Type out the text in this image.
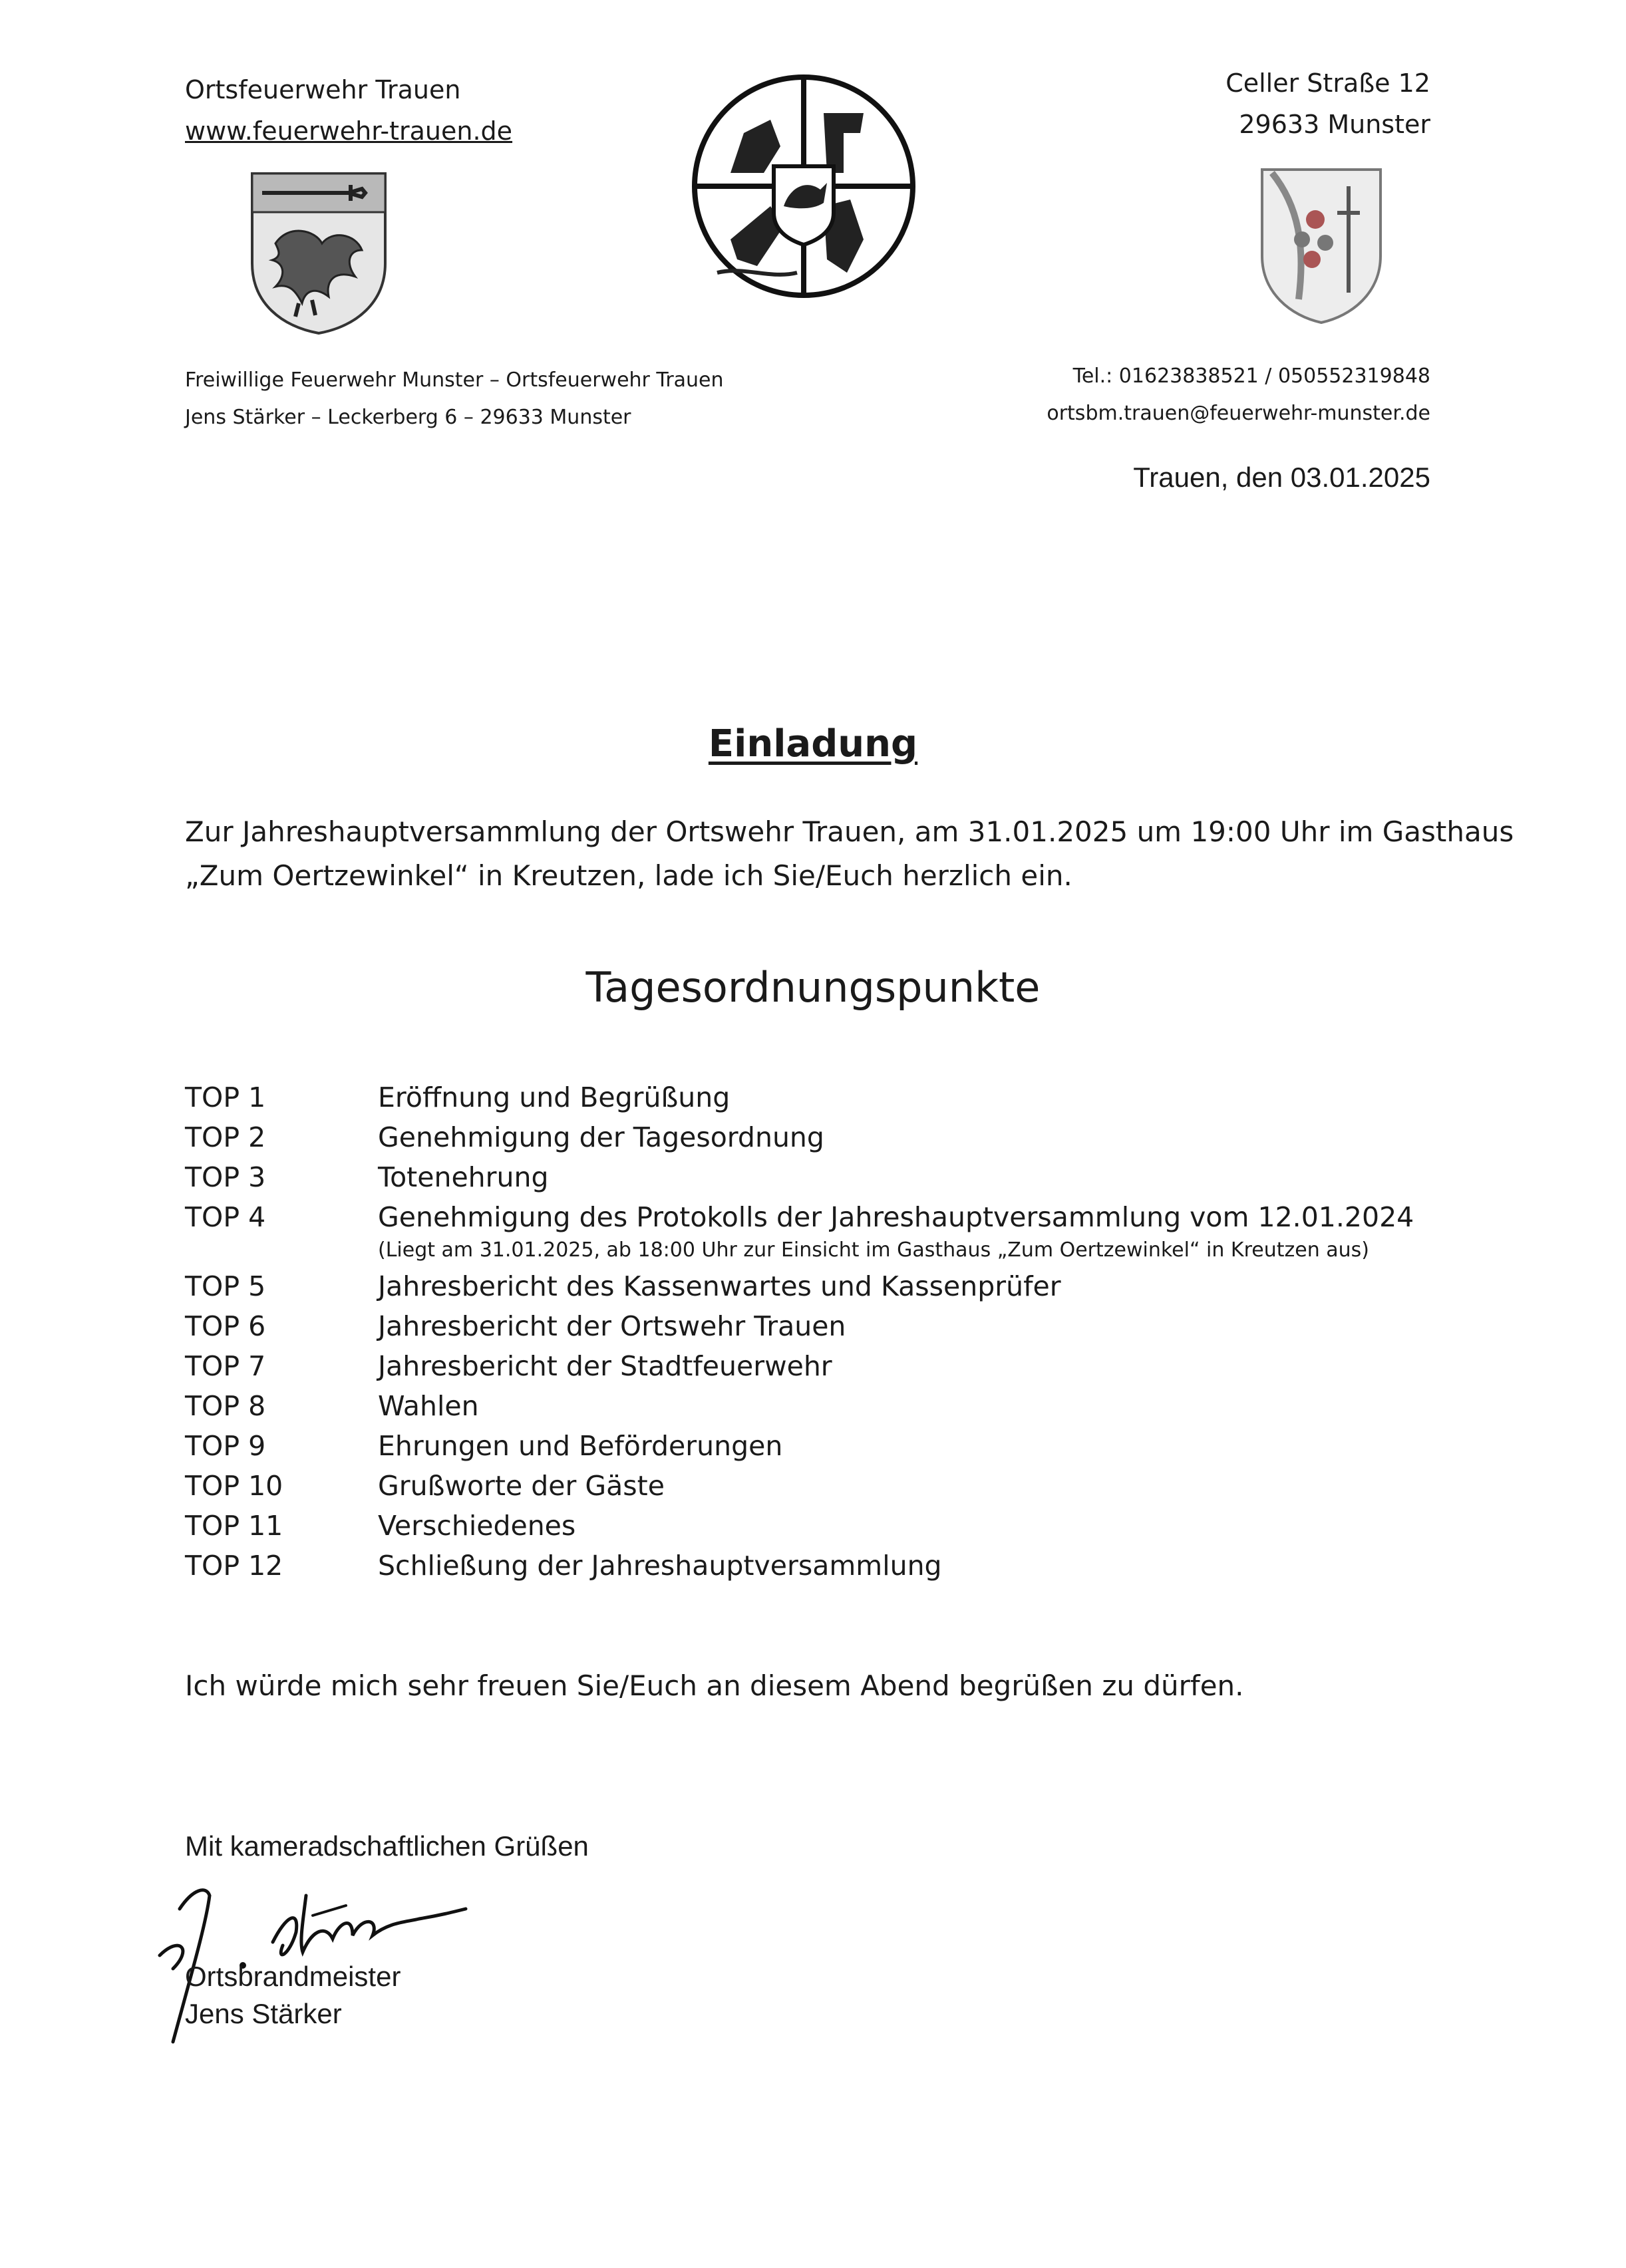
Ortsfeuerwehr Trauen
www.feuerwehr-trauen.de
Celler Straße 12
29633 Munster
Freiwillige Feuerwehr Munster – Ortsfeuerwehr Trauen
Jens Stärker – Leckerberg 6 – 29633 Munster
Tel.: 01623838521 / 050552319848
ortsbm.trauen@feuerwehr-munster.de
Trauen, den 03.01.2025
Einladung
Zur Jahreshauptversammlung der Ortswehr Trauen, am 31.01.2025 um 19:00 Uhr im Gasthaus
„Zum Oertzewinkel“ in Kreutzen, lade ich Sie/Euch herzlich ein.
Tagesordnungspunkte
TOP 1	Eröffnung und Begrüßung
TOP 2	Genehmigung der Tagesordnung
TOP 3	Totenehrung
TOP 4	Genehmigung des Protokolls der Jahreshauptversammlung vom 12.01.2024
(Liegt am 31.01.2025, ab 18:00 Uhr zur Einsicht im Gasthaus „Zum Oertzewinkel“ in Kreutzen aus)
TOP 5	Jahresbericht des Kassenwartes und Kassenprüfer
TOP 6	Jahresbericht der Ortswehr Trauen
TOP 7	Jahresbericht der Stadtfeuerwehr
TOP 8	Wahlen
TOP 9	Ehrungen und Beförderungen
TOP 10	Grußworte der Gäste
TOP 11	Verschiedenes
TOP 12	Schließung der Jahreshauptversammlung
Ich würde mich sehr freuen Sie/Euch an diesem Abend begrüßen zu dürfen.
Mit kameradschaftlichen Grüßen
Ortsbrandmeister
Jens Stärker
